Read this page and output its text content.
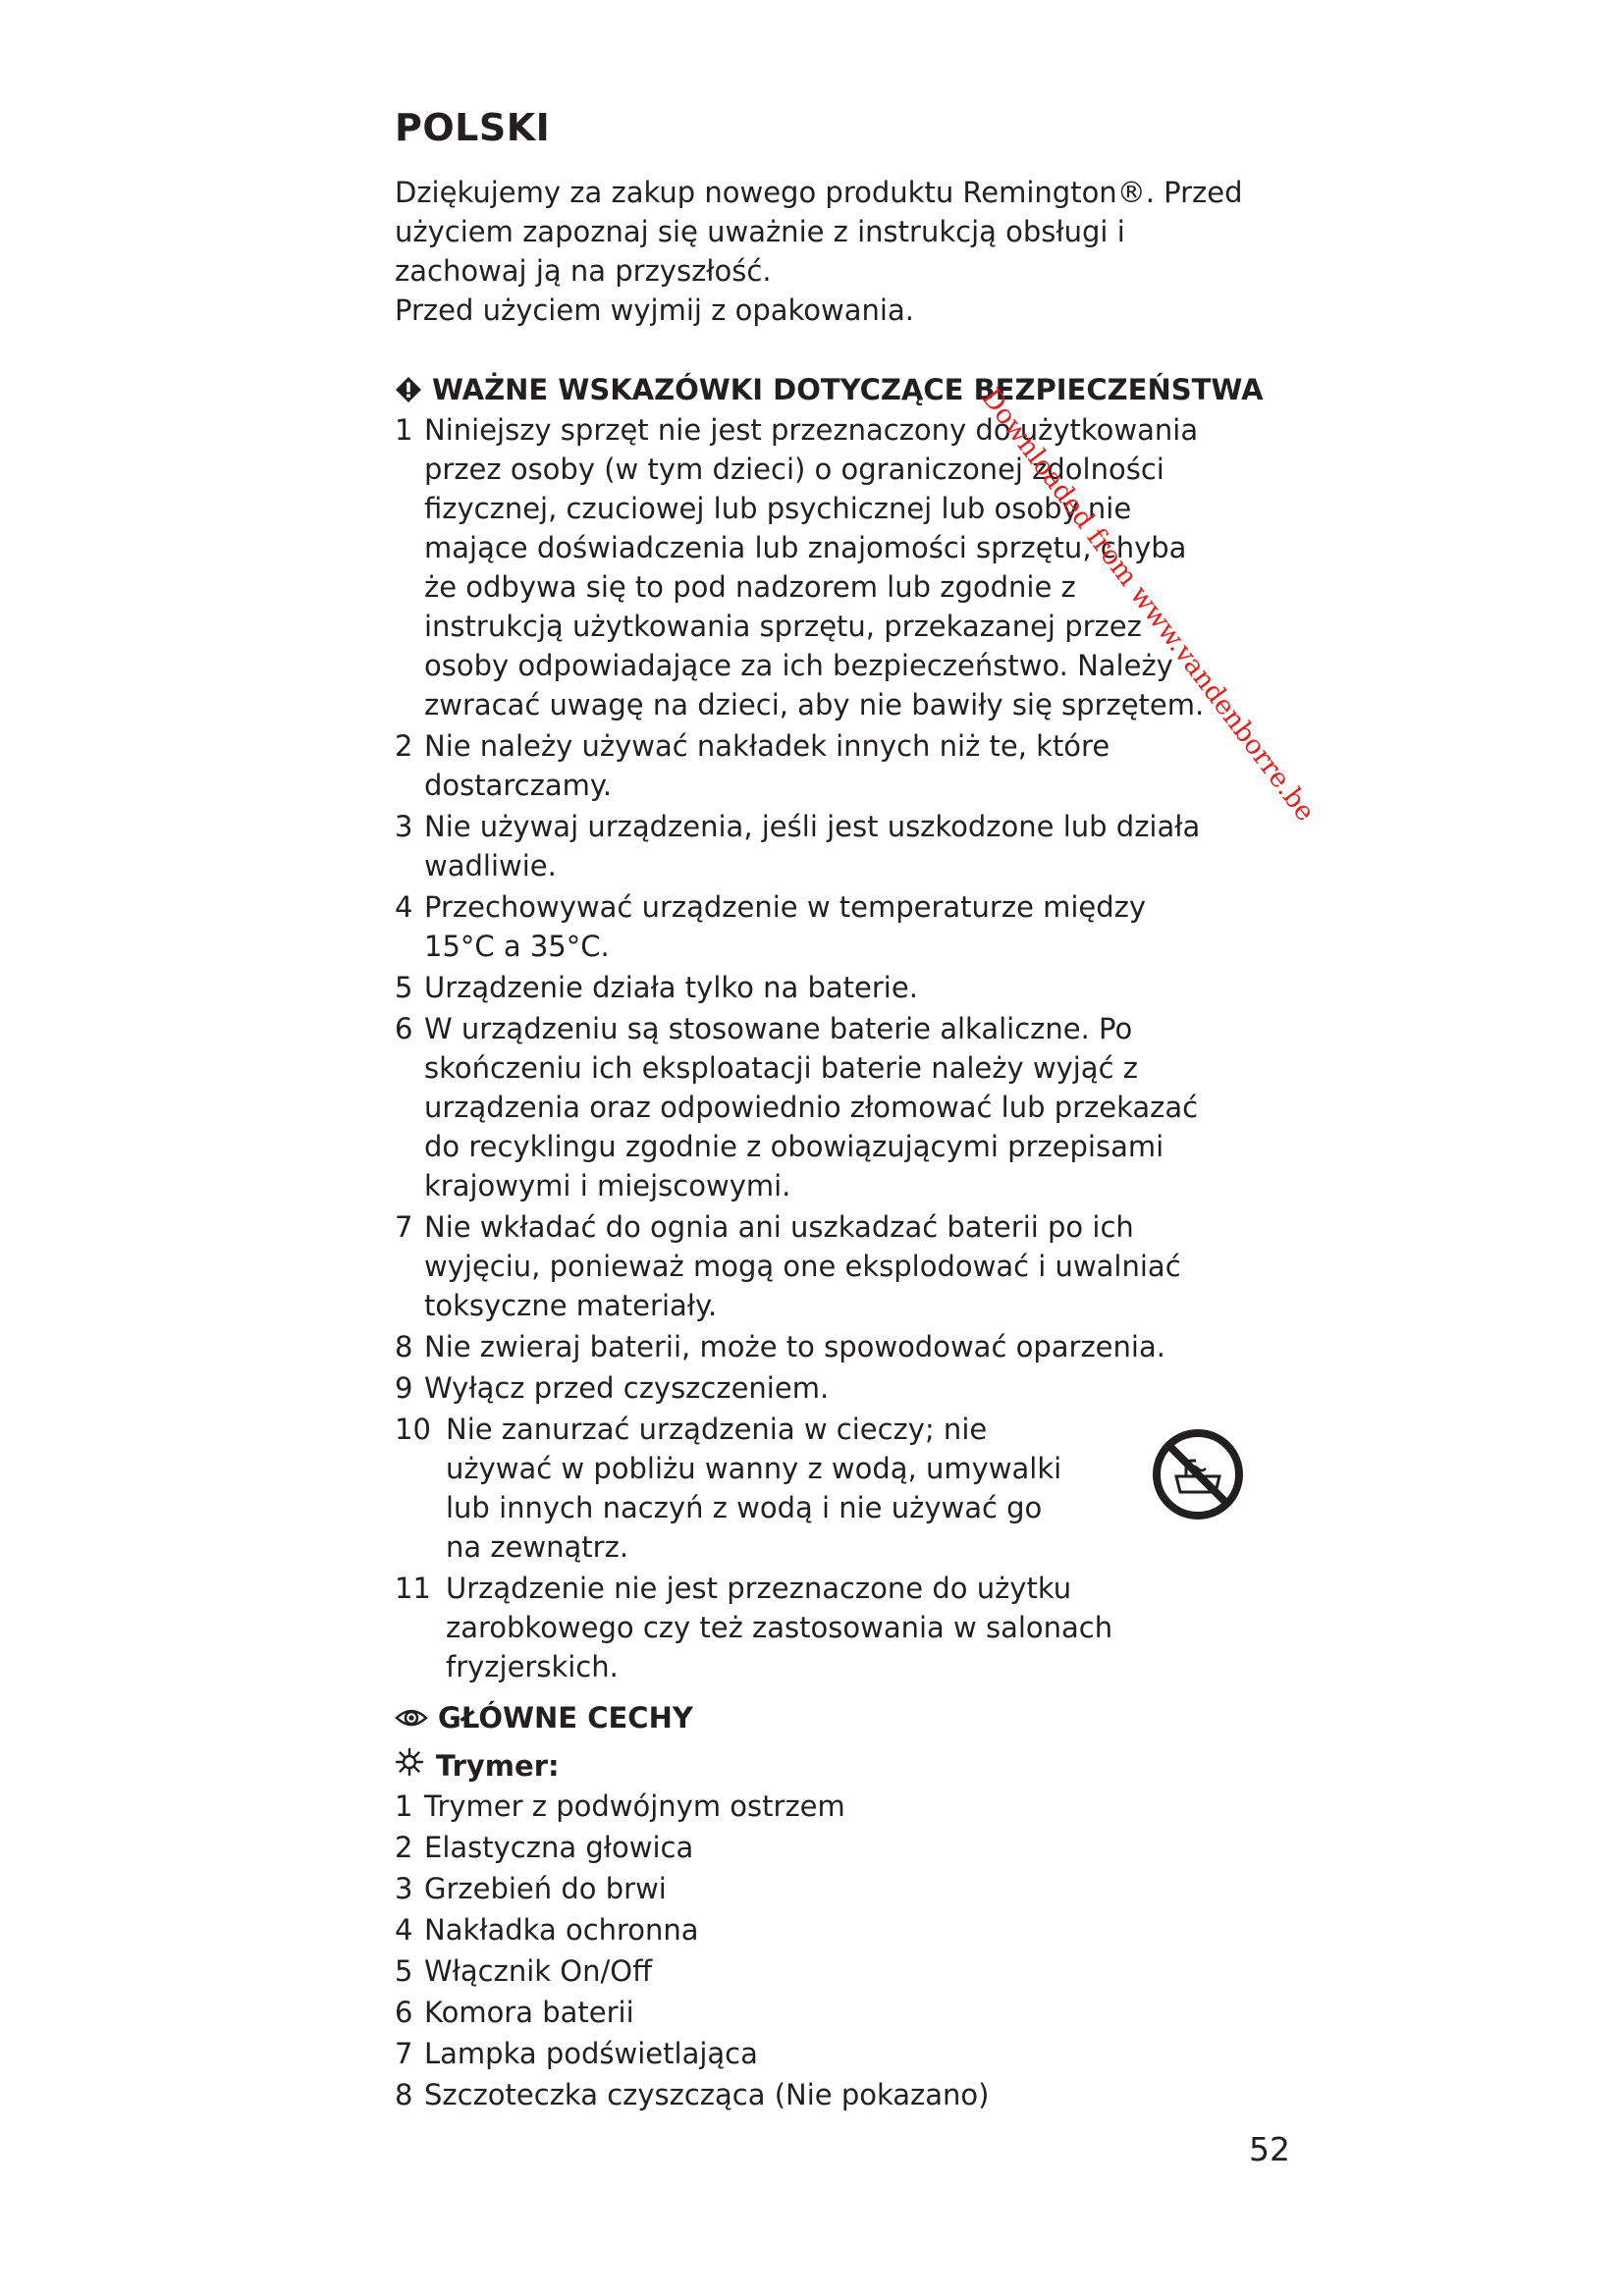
POLSKI

Dziękujemy za zakup nowego produktu Remington®. Przed użyciem zapoznaj się uważnie z instrukcją obsługi i zachowaj ją na przyszłość.

Przed użyciem wyjmij z opakowania.

WAŻNE WSKAZÓWKI DOTYCZĄCE BEZPIECZEŃSTWA
1 Niniejszy sprzęt nie jest przeznaczony do użytkowania przez osoby (w tym dzieci) o ograniczonej zdolności fizycznej, czuciowej lub psychicznej lub osoby nie mające doświadczenia lub znajomości sprzętu, chyba że odbywa się to pod nadzorem lub zgodnie z instrukcją użytkowania sprzętu, przekazanej przez osoby odpowiadające za ich bezpieczeństwo. Należy zwracać uwagę na dzieci, aby nie bawiły się sprzętem.
2 Nie należy używać nakładek innych niż te, które dostarczamy.
3 Nie używaj urządzenia, jeśli jest uszkodzone lub działa wadliwie.
4 Przechowywać urządzenie w temperaturze między 15°C a 35°C.
5 Urządzenie działa tylko na baterie.
6 W urządzeniu są stosowane baterie alkaliczne. Po skończeniu ich eksploatacji baterie należy wyjąć z urządzenia oraz odpowiednio złomować lub przekazać do recyklingu zgodnie z obowiązującymi przepisami krajowymi i miejscowymi.
7 Nie wkładać do ognia ani uszkadzać baterii po ich wyjęciu, ponieważ mogą one eksplodować i uwalniać toksyczne materiały.
8 Nie zwieraj baterii, może to spowodować oparzenia.
9 Wyłącz przed czyszczeniem.
10 Nie zanurzać urządzenia w cieczy; nie używać w pobliżu wanny z wodą, umywalki lub innych naczyń z wodą i nie używać go na zewnątrz.
11 Urządzenie nie jest przeznaczone do użytku zarobkowego czy też zastosowania w salonach fryzjerskich.
GŁÓWNE CECHY
Trymer:
1 Trymer z podwójnym ostrzem
2 Elastyczna głowica
3 Grzebień do brwi
4 Nakładka ochronna
5 Włącznik On/Off
6 Komora baterii
7 Lampka podświetlająca
8 Szczoteczka czyszcząca (Nie pokazano)
52
Downloaded from www.vandenborre.be
